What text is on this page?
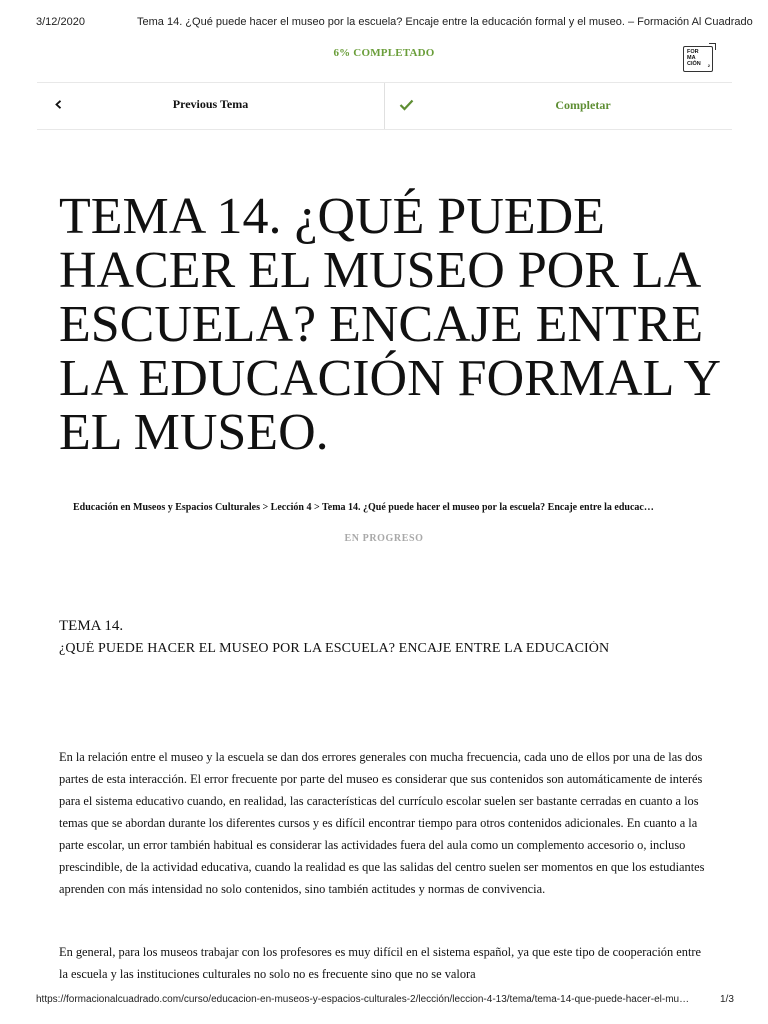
3/12/2020	Tema 14. ¿Qué puede hacer el museo por la escuela? Encaje entre la educación formal y el museo. – Formación Al Cuadrado
6% COMPLETADO	FOR
MA
CIÓN	2
Previous Tema	Completar
TEMA 14. ¿QUÉ PUEDE HACER EL MUSEO POR LA ESCUELA? ENCAJE ENTRE LA EDUCACIÓN FORMAL Y EL MUSEO.
Educación en Museos y Espacios Culturales > Lección 4 > Tema 14. ¿Qué puede hacer el museo por la escuela? Encaje entre la educac…
EN PROGRESO
TEMA 14.
¿QUÉ PUEDE HACER EL MUSEO POR LA ESCUELA? ENCAJE ENTRE LA EDUCACIÓN

En la relación entre el museo y la escuela se dan dos errores generales con mucha frecuencia, cada uno de ellos por una de las dos partes de esta interacción. El error frecuente por parte del museo es considerar que sus contenidos son automáticamente de interés para el sistema educativo cuando, en realidad, las características del currículo escolar suelen ser bastante cerradas en cuanto a los temas que se abordan durante los diferentes cursos y es difícil encontrar tiempo para otros contenidos adicionales. En cuanto a la parte escolar, un error también habitual es considerar las actividades fuera del aula como un complemento accesorio o, incluso prescindible, de la actividad educativa, cuando la realidad es que las salidas del centro suelen ser momentos en que los estudiantes aprenden con más intensidad no solo contenidos, sino también actitudes y normas de convivencia.

En general, para los museos trabajar con los profesores es muy difícil en el sistema español, ya que este tipo de cooperación entre la escuela y las instituciones culturales no solo no es frecuente sino que no se valora

https://formacionalcuadrado.com/curso/educacion-en-museos-y-espacios-culturales-2/lección/leccion-4-13/tema/tema-14-que-puede-hacer-el-mu…	1/3
